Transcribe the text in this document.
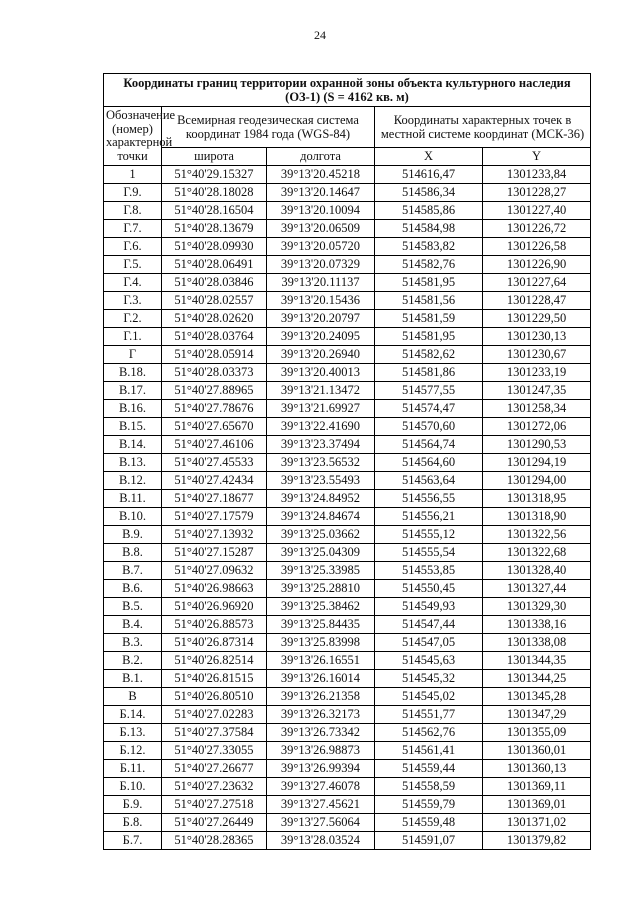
24
Координаты границ территории охранной зоны объекта культурного наследия (ОЗ-1) (S = 4162 кв. м)				
Обозначение (номер) характерной точки	Всемирная геодезическая система координат 1984 года (WGS-84)		Координаты характерных точек в местной системе координат (МСК-36)	
	широта	долгота	X	Y
1	51°40'29.15327	39°13'20.45218	514616,47	1301233,84
Г.9.	51°40'28.18028	39°13'20.14647	514586,34	1301228,27
Г.8.	51°40'28.16504	39°13'20.10094	514585,86	1301227,40
Г.7.	51°40'28.13679	39°13'20.06509	514584,98	1301226,72
Г.6.	51°40'28.09930	39°13'20.05720	514583,82	1301226,58
Г.5.	51°40'28.06491	39°13'20.07329	514582,76	1301226,90
Г.4.	51°40'28.03846	39°13'20.11137	514581,95	1301227,64
Г.3.	51°40'28.02557	39°13'20.15436	514581,56	1301228,47
Г.2.	51°40'28.02620	39°13'20.20797	514581,59	1301229,50
Г.1.	51°40'28.03764	39°13'20.24095	514581,95	1301230,13
Г	51°40'28.05914	39°13'20.26940	514582,62	1301230,67
В.18.	51°40'28.03373	39°13'20.40013	514581,86	1301233,19
В.17.	51°40'27.88965	39°13'21.13472	514577,55	1301247,35
В.16.	51°40'27.78676	39°13'21.69927	514574,47	1301258,34
В.15.	51°40'27.65670	39°13'22.41690	514570,60	1301272,06
В.14.	51°40'27.46106	39°13'23.37494	514564,74	1301290,53
В.13.	51°40'27.45533	39°13'23.56532	514564,60	1301294,19
В.12.	51°40'27.42434	39°13'23.55493	514563,64	1301294,00
В.11.	51°40'27.18677	39°13'24.84952	514556,55	1301318,95
В.10.	51°40'27.17579	39°13'24.84674	514556,21	1301318,90
В.9.	51°40'27.13932	39°13'25.03662	514555,12	1301322,56
В.8.	51°40'27.15287	39°13'25.04309	514555,54	1301322,68
В.7.	51°40'27.09632	39°13'25.33985	514553,85	1301328,40
В.6.	51°40'26.98663	39°13'25.28810	514550,45	1301327,44
В.5.	51°40'26.96920	39°13'25.38462	514549,93	1301329,30
В.4.	51°40'26.88573	39°13'25.84435	514547,44	1301338,16
В.3.	51°40'26.87314	39°13'25.83998	514547,05	1301338,08
В.2.	51°40'26.82514	39°13'26.16551	514545,63	1301344,35
В.1.	51°40'26.81515	39°13'26.16014	514545,32	1301344,25
В	51°40'26.80510	39°13'26.21358	514545,02	1301345,28
Б.14.	51°40'27.02283	39°13'26.32173	514551,77	1301347,29
Б.13.	51°40'27.37584	39°13'26.73342	514562,76	1301355,09
Б.12.	51°40'27.33055	39°13'26.98873	514561,41	1301360,01
Б.11.	51°40'27.26677	39°13'26.99394	514559,44	1301360,13
Б.10.	51°40'27.23632	39°13'27.46078	514558,59	1301369,11
Б.9.	51°40'27.27518	39°13'27.45621	514559,79	1301369,01
Б.8.	51°40'27.26449	39°13'27.56064	514559,48	1301371,02
Б.7.	51°40'28.28365	39°13'28.03524	514591,07	1301379,82
